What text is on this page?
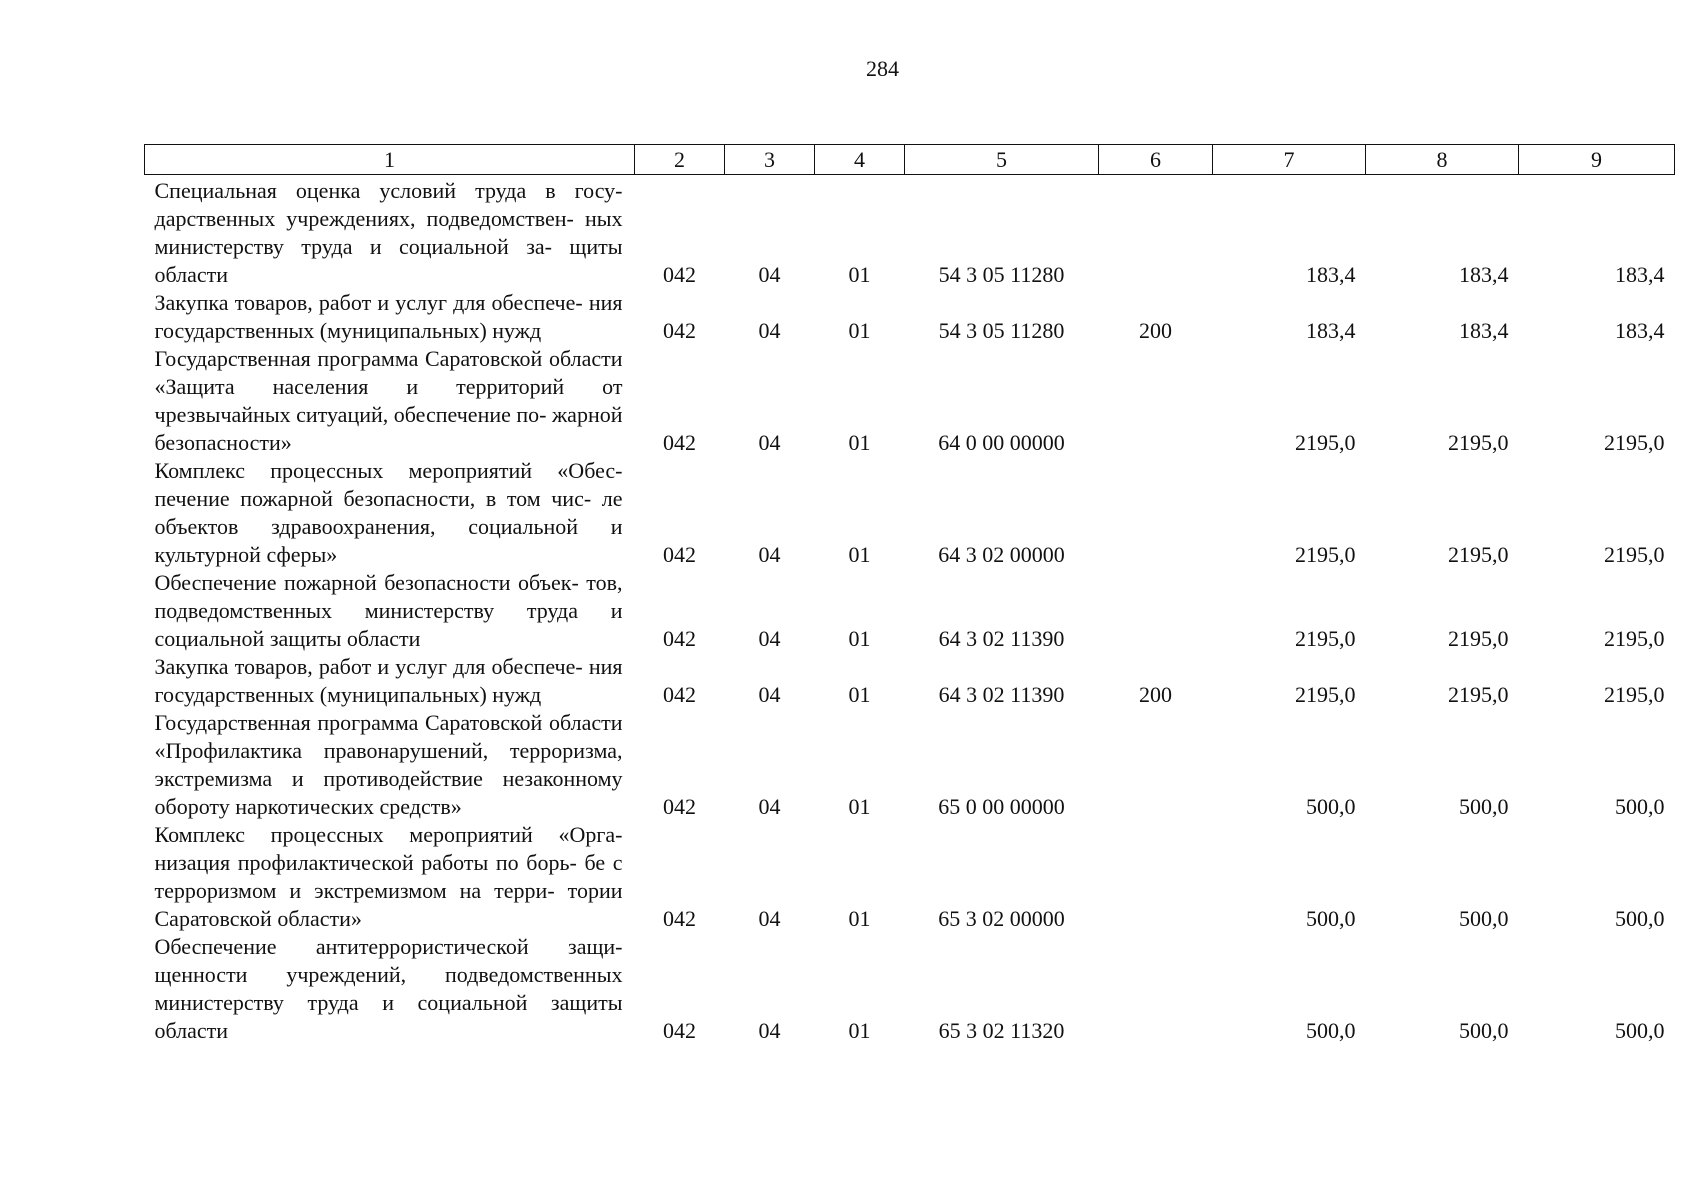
284
1	2	3	4	5	6	7	8	9
Специальная оценка условий труда в госу- дарственных учреждениях, подведомствен- ных министерству труда и социальной за- щиты области	042	04	01	54 3 05 11280		183,4	183,4	183,4
Закупка товаров, работ и услуг для обеспече- ния государственных (муниципальных) нужд	042	04	01	54 3 05 11280	200	183,4	183,4	183,4
Государственная программа Саратовской области «Защита населения и территорий от чрезвычайных ситуаций, обеспечение по- жарной безопасности»	042	04	01	64 0 00 00000		2195,0	2195,0	2195,0
Комплекс процессных мероприятий «Обес- печение пожарной безопасности, в том чис- ле объектов здравоохранения, социальной и культурной сферы»	042	04	01	64 3 02 00000		2195,0	2195,0	2195,0
Обеспечение пожарной безопасности объек- тов, подведомственных министерству труда и социальной защиты области	042	04	01	64 3 02 11390		2195,0	2195,0	2195,0
Закупка товаров, работ и услуг для обеспече- ния государственных (муниципальных) нужд	042	04	01	64 3 02 11390	200	2195,0	2195,0	2195,0
Государственная программа Саратовской области «Профилактика правонарушений, терроризма, экстремизма и противодействие незаконному обороту наркотических средств»	042	04	01	65 0 00 00000		500,0	500,0	500,0
Комплекс процессных мероприятий «Орга- низация профилактической работы по борь- бе с терроризмом и экстремизмом на терри- тории Саратовской области»	042	04	01	65 3 02 00000		500,0	500,0	500,0
Обеспечение антитеррористической защи- щенности учреждений, подведомственных министерству труда и социальной защиты области	042	04	01	65 3 02 11320		500,0	500,0	500,0
